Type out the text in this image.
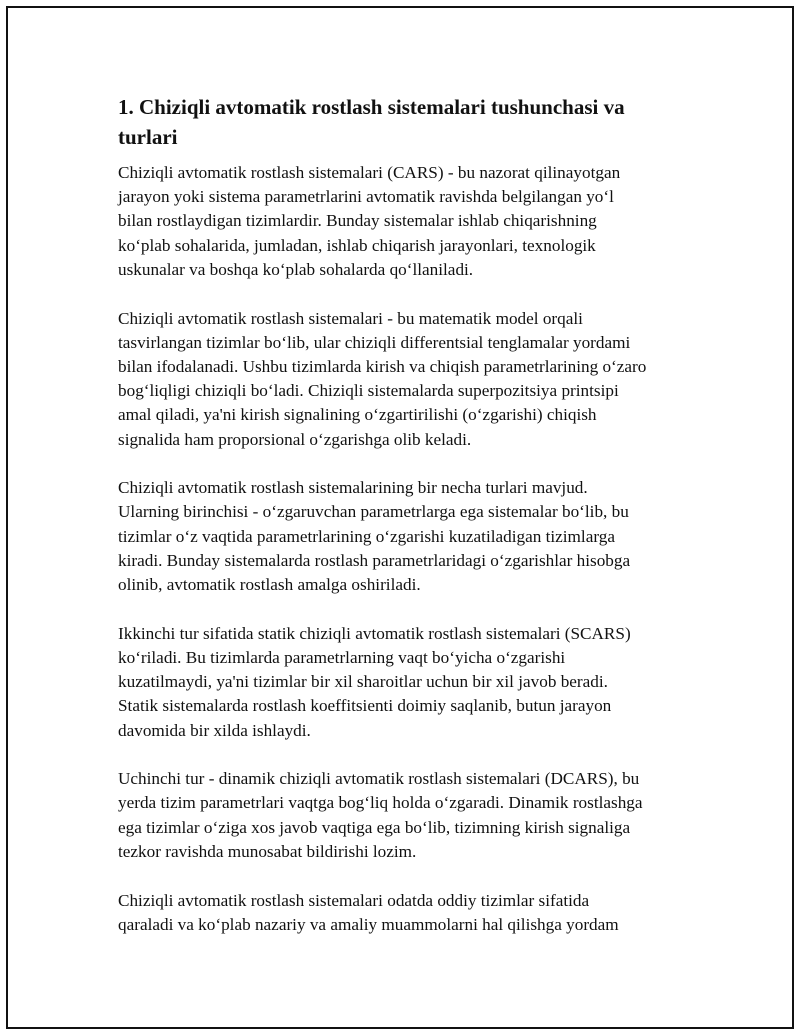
1. Chiziqli avtomatik rostlash sistemalari tushunchasi va
turlari

Chiziqli avtomatik rostlash sistemalari (CARS) - bu nazorat qilinayotgan
jarayon yoki sistema parametrlarini avtomatik ravishda belgilangan yoʻl
bilan rostlaydigan tizimlardir. Bunday sistemalar ishlab chiqarishning
koʻplab sohalarida, jumladan, ishlab chiqarish jarayonlari, texnologik
uskunalar va boshqa koʻplab sohalarda qoʻllaniladi.

Chiziqli avtomatik rostlash sistemalari - bu matematik model orqali
tasvirlangan tizimlar boʻlib, ular chiziqli differentsial tenglamalar yordami
bilan ifodalanadi. Ushbu tizimlarda kirish va chiqish parametrlarining oʻzaro
bogʻliqligi chiziqli boʻladi. Chiziqli sistemalarda superpozitsiya printsipi
amal qiladi, ya'ni kirish signalining oʻzgartirilishi (oʻzgarishi) chiqish
signalida ham proporsional oʻzgarishga olib keladi.

Chiziqli avtomatik rostlash sistemalarining bir necha turlari mavjud.
Ularning birinchisi - oʻzgaruvchan parametrlarga ega sistemalar boʻlib, bu
tizimlar oʻz vaqtida parametrlarining oʻzgarishi kuzatiladigan tizimlarga
kiradi. Bunday sistemalarda rostlash parametrlaridagi oʻzgarishlar hisobga
olinib, avtomatik rostlash amalga oshiriladi.

Ikkinchi tur sifatida statik chiziqli avtomatik rostlash sistemalari (SCARS)
koʻriladi. Bu tizimlarda parametrlarning vaqt boʻyicha oʻzgarishi
kuzatilmaydi, ya'ni tizimlar bir xil sharoitlar uchun bir xil javob beradi.
Statik sistemalarda rostlash koeffitsienti doimiy saqlanib, butun jarayon
davomida bir xilda ishlaydi.

Uchinchi tur - dinamik chiziqli avtomatik rostlash sistemalari (DCARS), bu
yerda tizim parametrlari vaqtga bogʻliq holda oʻzgaradi. Dinamik rostlashga
ega tizimlar oʻziga xos javob vaqtiga ega boʻlib, tizimning kirish signaliga
tezkor ravishda munosabat bildirishi lozim.

Chiziqli avtomatik rostlash sistemalari odatda oddiy tizimlar sifatida
qaraladi va koʻplab nazariy va amaliy muammolarni hal qilishga yordam
